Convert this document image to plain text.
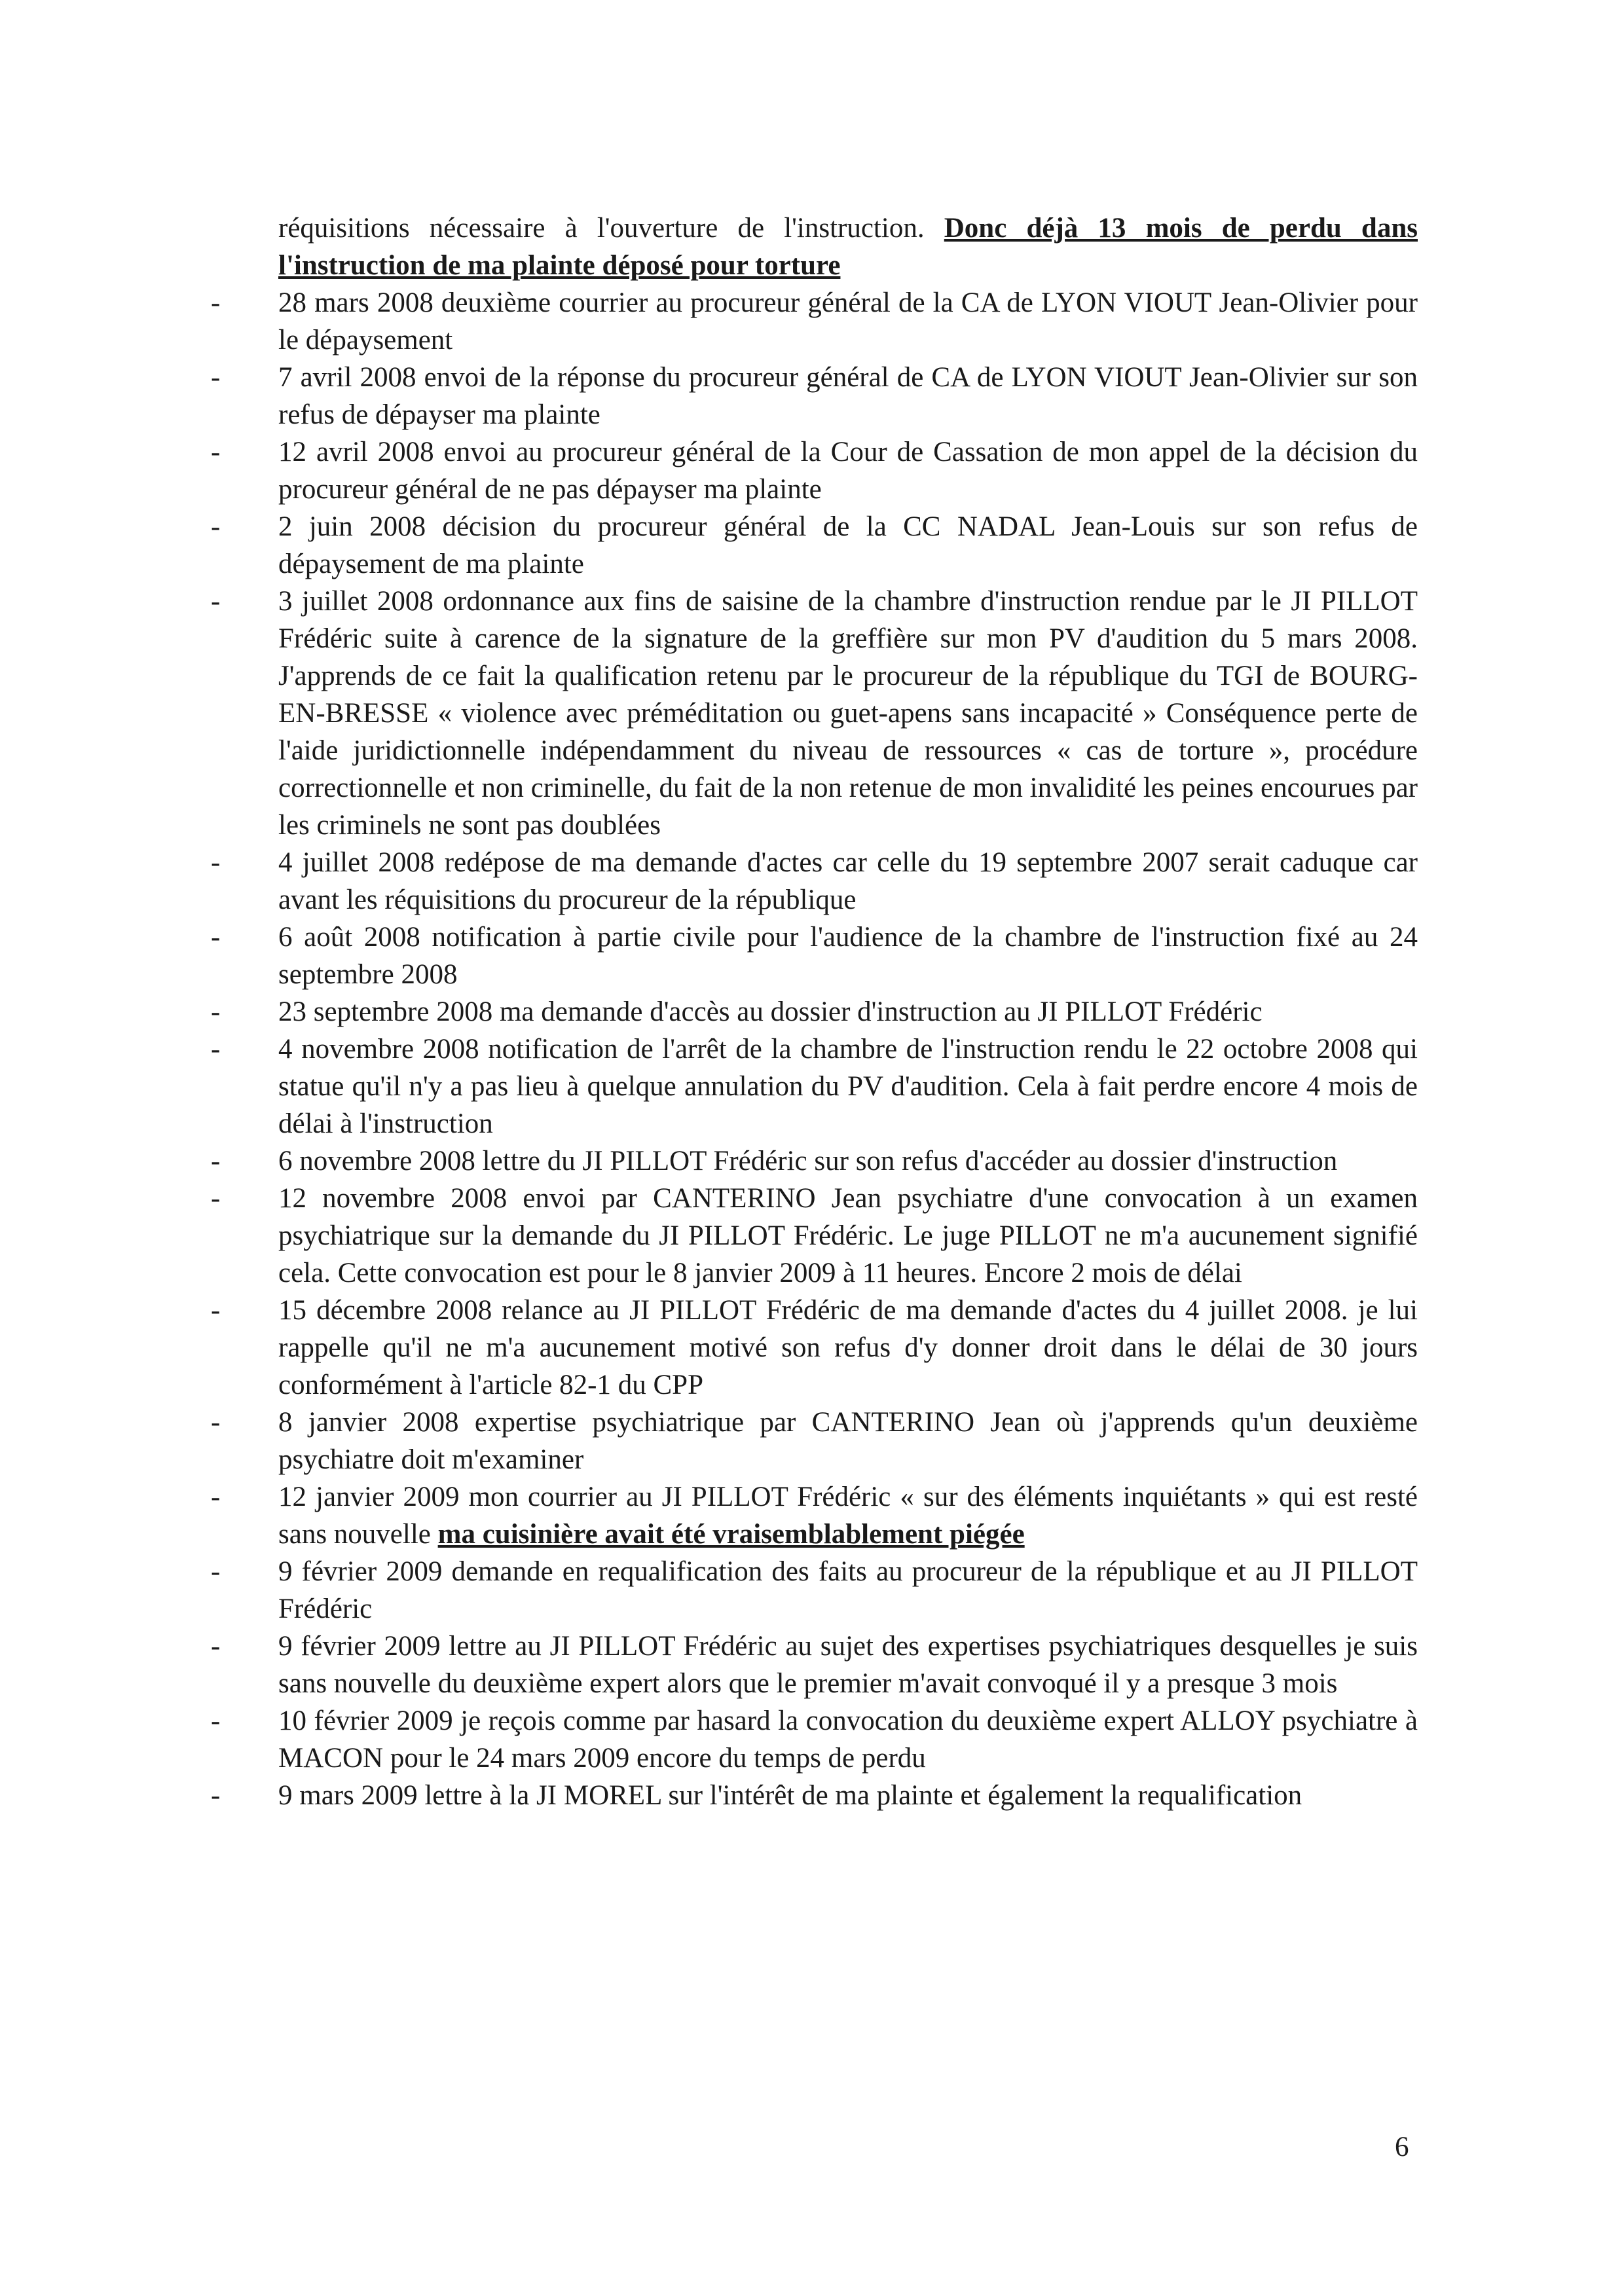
réquisitions nécessaire à l'ouverture de l'instruction. Donc déjà 13 mois de perdu dans l'instruction de ma plainte déposé pour torture

- 28 mars 2008 deuxième courrier au procureur général de la CA de LYON VIOUT Jean-Olivier pour le dépaysement
- 7 avril 2008 envoi de la réponse du procureur général de CA de LYON VIOUT Jean-Olivier sur son refus de dépayser ma plainte
- 12 avril 2008 envoi au procureur général de la Cour de Cassation de mon appel de la décision du procureur général de ne pas dépayser ma plainte
- 2 juin 2008 décision du procureur général de la CC NADAL Jean-Louis sur son refus de dépaysement de ma plainte
- 3 juillet 2008 ordonnance aux fins de saisine de la chambre d'instruction rendue par le JI PILLOT Frédéric suite à carence de la signature de la greffière sur mon PV d'audition du 5 mars 2008. J'apprends de ce fait la qualification retenu par le procureur de la république du TGI de BOURG-EN-BRESSE « violence avec préméditation ou guet-apens sans incapacité » Conséquence perte de l'aide juridictionnelle indépendamment du niveau de ressources « cas de torture », procédure correctionnelle et non criminelle, du fait de la non retenue de mon invalidité les peines encourues par les criminels ne sont pas doublées
- 4 juillet 2008 redépose de ma demande d'actes car celle du 19 septembre 2007 serait caduque car avant les réquisitions du procureur de la république
- 6 août 2008 notification à partie civile pour l'audience de la chambre de l'instruction fixé au 24 septembre 2008
- 23 septembre 2008 ma demande d'accès au dossier d'instruction au JI PILLOT Frédéric
- 4 novembre 2008 notification de l'arrêt de la chambre de l'instruction rendu le 22 octobre 2008 qui statue qu'il n'y a pas lieu à quelque annulation du PV d'audition. Cela à fait perdre encore 4 mois de délai à l'instruction
- 6 novembre 2008 lettre du JI PILLOT Frédéric sur son refus d'accéder au dossier d'instruction
- 12 novembre 2008 envoi par CANTERINO Jean psychiatre d'une convocation à un examen psychiatrique sur la demande du JI PILLOT Frédéric. Le juge PILLOT ne m'a aucunement signifié cela. Cette convocation est pour le 8 janvier 2009 à 11 heures. Encore 2 mois de délai
- 15 décembre 2008 relance au JI PILLOT Frédéric de ma demande d'actes du 4 juillet 2008. je lui rappelle qu'il ne m'a aucunement motivé son refus d'y donner droit dans le délai de 30 jours conformément à l'article 82-1 du CPP
- 8 janvier 2008 expertise psychiatrique par CANTERINO Jean où j'apprends qu'un deuxième psychiatre doit m'examiner
- 12 janvier 2009 mon courrier au JI PILLOT Frédéric « sur des éléments inquiétants » qui est resté sans nouvelle ma cuisinière avait été vraisemblablement piégée
- 9 février 2009 demande en requalification des faits au procureur de la république et au JI PILLOT Frédéric
- 9 février 2009 lettre au JI PILLOT Frédéric au sujet des expertises psychiatriques desquelles je suis sans nouvelle du deuxième expert alors que le premier m'avait convoqué il y a presque 3 mois
- 10 février 2009 je reçois comme par hasard la convocation du deuxième expert ALLOY psychiatre à MACON pour le 24 mars 2009 encore du temps de perdu
- 9 mars 2009 lettre à la JI MOREL sur l'intérêt de ma plainte et également la requalification
6
